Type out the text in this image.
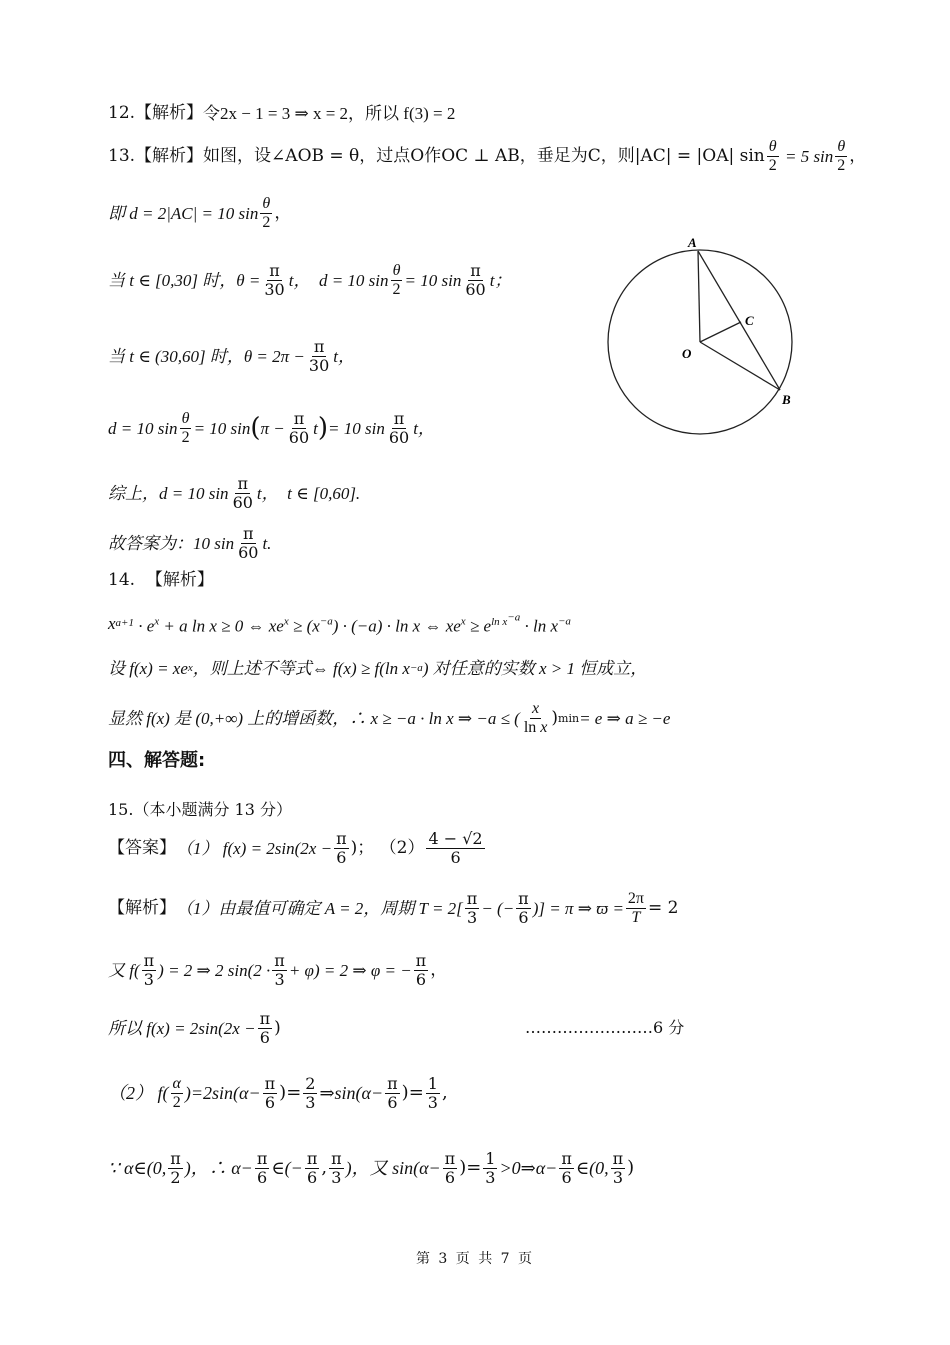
12. 【解析】 令2x − 1 = 3 ⇒ x = 2，所以 f(3) = 2
13. 【解析】 如图，设∠AOB = θ，过点O作OC ⊥ AB，垂足为C，则|AC| = |OA| $\sin \frac{\theta}{2} = 5$ $\sin \frac{\theta}{2}$ ，
即 d = 2|AC| = 10 $\sin \frac{\theta}{2}$ ，
当 t ∈ [0,30] 时，$\theta = \frac{\pi}{30}$ t，  d = 10 $\sin \frac{\theta}{2} = 10$ $\sin \frac{\pi}{60}$ t；
当 t ∈ (30,60] 时，$\theta = 2\pi - \frac{\pi}{30}$ t，
d = 10 $\sin \frac{\theta}{2} = 10$ sin ( $\pi - \frac{\pi}{60}$ t ) = 10 $\sin \frac{\pi}{60}$ t，
综上，d = 10 $\sin \frac{\pi}{60}$ t，  t ∈ [0,60].
故答案为：10 $\sin \frac{\pi}{60} t$.
A
B
C
O
14.
【解析】
x $a+1 \cdot e^x + a$ ln x ≥ 0 ⇔ $xe^x \ge (x^{-a}) \cdot (-a) \cdot \ln x$ ⇔ $xe^x \ge e^{ln x^{-a}} \cdot \ln x^{-a}$
设 f(x) = xe x ，则上述不等式⇔ f(x) ≥ f(ln x −a ) 对任意的实数 x > 1 恒成立，
显然 f(x) 是 (0,+∞) 上的增函数，∴ x ≥ −a · ln x ⇒ −a ≤ ( $\frac{x}{\text{ln x}}$ ) min = e ⇒ a ≥ −e
四、解答题:
15.（本小题满分 13 分）
【答案】 （1） $f(x) = 2\sin(2x - \frac{\pi}{6}$ )； $(2) \frac{4 - √2}{6}$
【解析】 （1）由最值可确定 A = 2，周期 $T = 2[ \frac{\pi}{3}$ − (− $\frac{\pi}{6}$ )] = π ⇒ $ϖ = \frac{2\pi}{T} = 2$
又 $f( \frac{\pi}{3}$ ) = 2 ⇒ 2 $\sin(2 \cdot \frac{\pi}{3} + \varphi) = 2$ ⇒ φ = − $\frac{\pi}{6}$ ，
所以 $f(x) = 2\sin(2x - \frac{\pi}{6}$ )	……………………6 分
（2） $f( \frac{\alpha}{2} )=2\sin(\alpha- \frac{\pi}{6}$ )= $\frac{2}{3}$ ⇒sin(α− $\frac{\pi}{6}$ )= $\frac{1}{3}$ ,
∵ α∈(0, $\frac{\pi}{2}$ )，∴ $\alpha- \frac{\pi}{6}$ ∈(− $\frac{\pi}{6}$ , $\frac{\pi}{3}$ )，又 $\sin(\alpha- \frac{\pi}{6}$ )= $\frac{1}{3}$ >0⇒α− $\frac{\pi}{6}$ ∈(0, $\frac{\pi}{3}$ )
第 3 页 共 7 页
